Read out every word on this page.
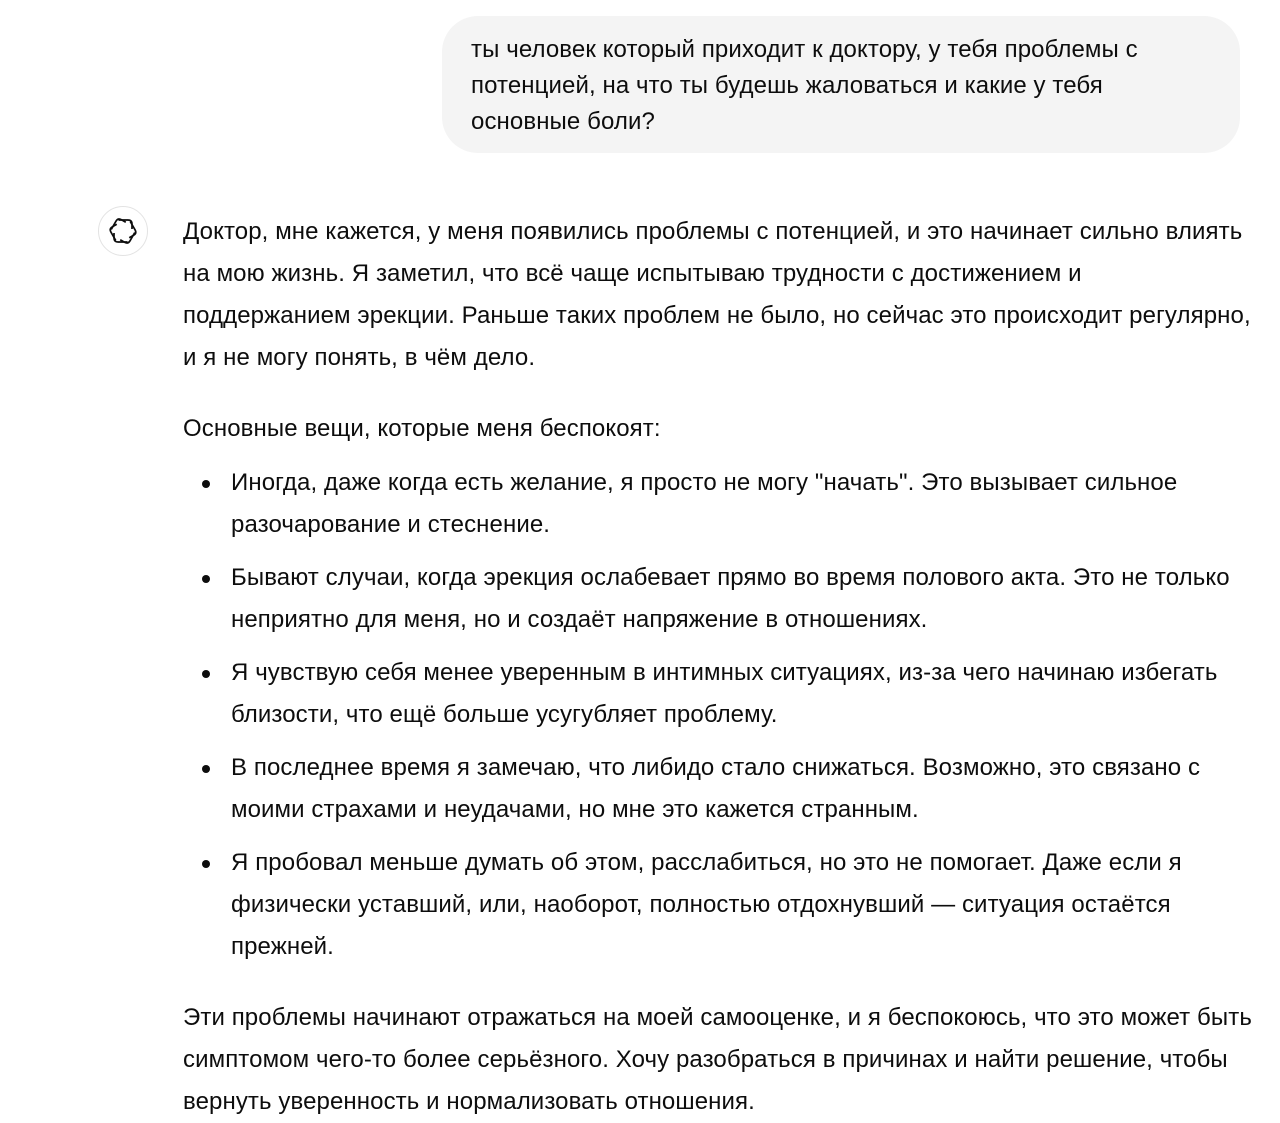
ты человек который приходит к доктору, у тебя проблемы с потенцией, на что ты будешь жаловаться и какие у тебя основные боли?

Доктор, мне кажется, у меня появились проблемы с потенцией, и это начинает сильно влиять на мою жизнь. Я заметил, что всё чаще испытываю трудности с достижением и поддержанием эрекции. Раньше таких проблем не было, но сейчас это происходит регулярно, и я не могу понять, в чём дело.

Основные вещи, которые меня беспокоят:

Иногда, даже когда есть желание, я просто не могу "начать". Это вызывает сильное разочарование и стеснение.
Бывают случаи, когда эрекция ослабевает прямо во время полового акта. Это не только неприятно для меня, но и создаёт напряжение в отношениях.
Я чувствую себя менее уверенным в интимных ситуациях, из-за чего начинаю избегать близости, что ещё больше усугубляет проблему.
В последнее время я замечаю, что либидо стало снижаться. Возможно, это связано с моими страхами и неудачами, но мне это кажется странным.
Я пробовал меньше думать об этом, расслабиться, но это не помогает. Даже если я физически уставший, или, наоборот, полностью отдохнувший — ситуация остаётся прежней.

Эти проблемы начинают отражаться на моей самооценке, и я беспокоюсь, что это может быть симптомом чего-то более серьёзного. Хочу разобраться в причинах и найти решение, чтобы вернуть уверенность и нормализовать отношения.
